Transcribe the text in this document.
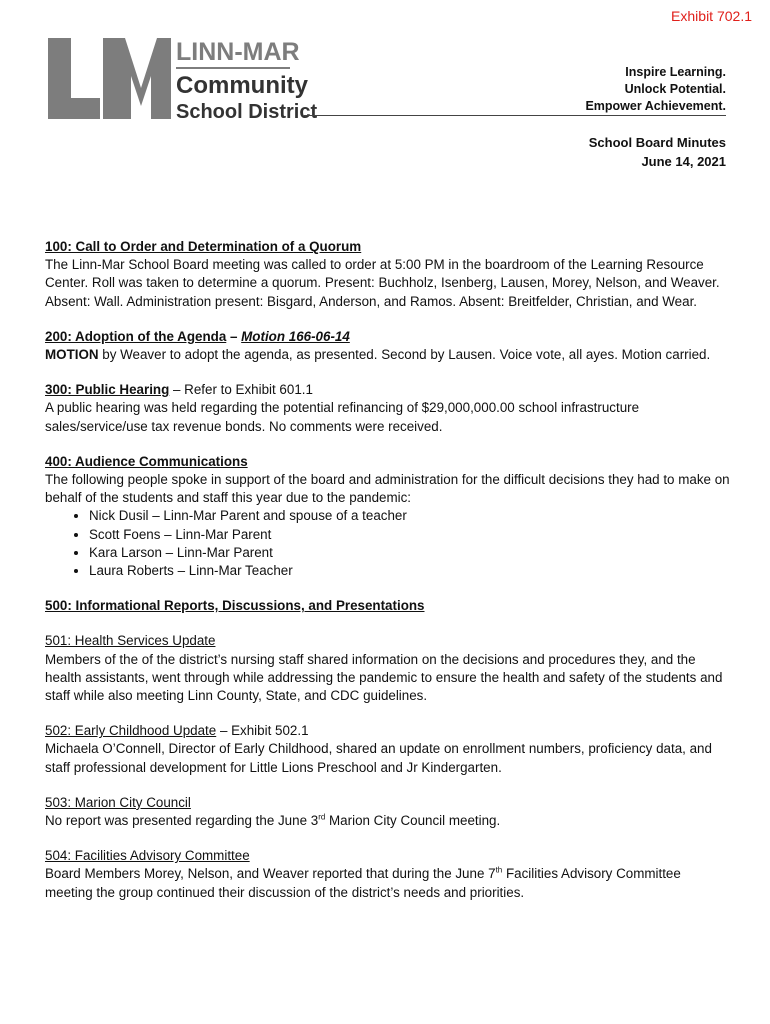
Exhibit 702.1
LINN-MAR
Community
School District
Inspire Learning.
Unlock Potential.
Empower Achievement.
School Board Minutes
June 14, 2021

100: Call to Order and Determination of a Quorum

The Linn-Mar School Board meeting was called to order at 5:00 PM in the boardroom of the Learning Resource Center. Roll was taken to determine a quorum. Present: Buchholz, Isenberg, Lausen, Morey, Nelson, and Weaver. Absent: Wall. Administration present: Bisgard, Anderson, and Ramos. Absent: Breitfelder, Christian, and Wear.

200: Adoption of the Agenda – Motion 166-06-14

MOTION by Weaver to adopt the agenda, as presented. Second by Lausen. Voice vote, all ayes. Motion carried.

300: Public Hearing – Refer to Exhibit 601.1

A public hearing was held regarding the potential refinancing of $29,000,000.00 school infrastructure sales/service/use tax revenue bonds. No comments were received.

400: Audience Communications

The following people spoke in support of the board and administration for the difficult decisions they had to make on behalf of the students and staff this year due to the pandemic:

• Nick Dusil – Linn-Mar Parent and spouse of a teacher
• Scott Foens – Linn-Mar Parent
• Kara Larson – Linn-Mar Parent
• Laura Roberts – Linn-Mar Teacher

500: Informational Reports, Discussions, and Presentations

501: Health Services Update

Members of the of the district’s nursing staff shared information on the decisions and procedures they, and the health assistants, went through while addressing the pandemic to ensure the health and safety of the students and staff while also meeting Linn County, State, and CDC guidelines.

502: Early Childhood Update – Exhibit 502.1

Michaela O’Connell, Director of Early Childhood, shared an update on enrollment numbers, proficiency data, and staff professional development for Little Lions Preschool and Jr Kindergarten.

503: Marion City Council

No report was presented regarding the June 3rd Marion City Council meeting.

504: Facilities Advisory Committee

Board Members Morey, Nelson, and Weaver reported that during the June 7th Facilities Advisory Committee meeting the group continued their discussion of the district’s needs and priorities.
